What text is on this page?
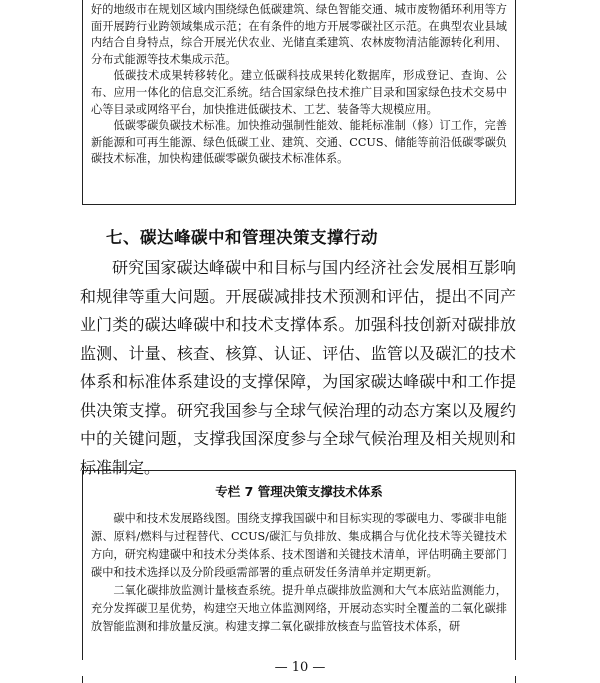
好的地级市在规划区域内围绕绿色低碳建筑、绿色智能交通、城市废物循环利用等方面开展跨行业跨领域集成示范；在有条件的地方开展零碳社区示范。在典型农业县域内结合自身特点，综合开展光伏农业、光储直柔建筑、农林废物清洁能源转化利用、分布式能源等技术集成示范。

低碳技术成果转移转化。建立低碳科技成果转化数据库，形成登记、查询、公布、应用一体化的信息交汇系统。结合国家绿色技术推广目录和国家绿色技术交易中心等目录或网络平台，加快推进低碳技术、工艺、装备等大规模应用。

低碳零碳负碳技术标准。加快推动强制性能效、能耗标准制（修）订工作，完善新能源和可再生能源、绿色低碳工业、建筑、交通、CCUS、储能等前沿低碳零碳负碳技术标准，加快构建低碳零碳负碳技术标准体系。

七、碳达峰碳中和管理决策支撑行动

研究国家碳达峰碳中和目标与国内经济社会发展相互影响和规律等重大问题。开展碳减排技术预测和评估，提出不同产业门类的碳达峰碳中和技术支撑体系。加强科技创新对碳排放监测、计量、核查、核算、认证、评估、监管以及碳汇的技术体系和标准体系建设的支撑保障，为国家碳达峰碳中和工作提供决策支撑。研究我国参与全球气候治理的动态方案以及履约中的关键问题，支撑我国深度参与全球气候治理及相关规则和标准制定。

专栏 7 管理决策支撑技术体系

碳中和技术发展路线图。围绕支撑我国碳中和目标实现的零碳电力、零碳非电能源、原料/燃料与过程替代、CCUS/碳汇与负排放、集成耦合与优化技术等关键技术方向，研究构建碳中和技术分类体系、技术图谱和关键技术清单，评估明确主要部门碳中和技术选择以及分阶段亟需部署的重点研发任务清单并定期更新。

二氧化碳排放监测计量核查系统。提升单点碳排放监测和大气本底站监测能力，充分发挥碳卫星优势，构建空天地立体监测网络，开展动态实时全覆盖的二氧化碳排放智能监测和排放量反演。构建支撑二氧化碳排放核查与监管技术体系，研

— 10 —
